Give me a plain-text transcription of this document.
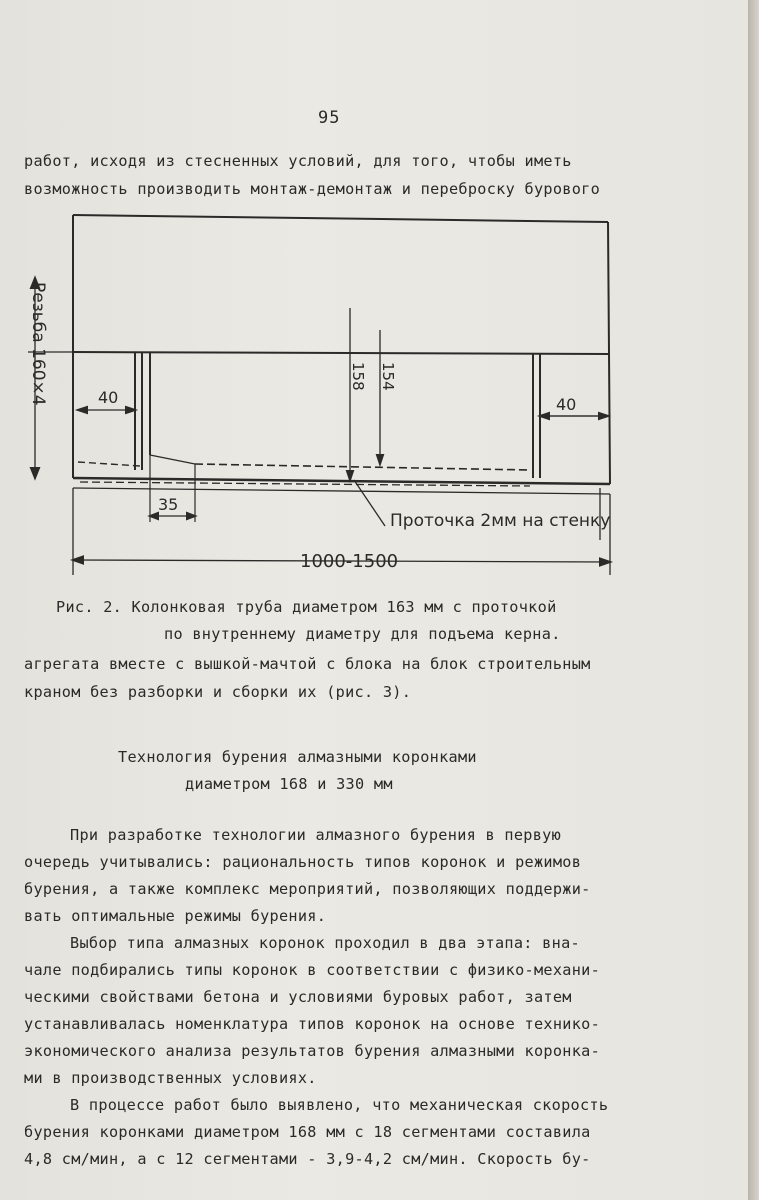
95
работ, исходя из стесненных условий, для того, чтобы иметь
возможность производить монтаж-демонтаж и переброску бурового
Резьба 160×4	40	40
158 154
35
Проточка 2мм на стенку
1000-1500
Рис. 2. Колонковая труба диаметром 163 мм с проточкой
по внутреннему диаметру для подъема керна.
агрегата вместе с вышкой-мачтой с блока на блок строительным
краном без разборки и сборки их (рис. 3).
Технология бурения алмазными коронками
диаметром 168 и 330 мм
При разработке технологии алмазного бурения в первую
очередь учитывались: рациональность типов коронок и режимов
бурения, а также комплекс мероприятий, позволяющих поддержи-
вать оптимальные режимы бурения.
Выбор типа алмазных коронок проходил в два этапа: вна-
чале подбирались типы коронок в соответствии с физико-механи-
ческими свойствами бетона и условиями буровых работ, затем
устанавливалась номенклатура типов коронок на основе технико-
экономического анализа результатов бурения алмазными коронка-
ми в производственных условиях.
В процессе работ было выявлено, что механическая скорость
бурения коронками диаметром 168 мм с 18 сегментами составила
4,8 см/мин, а с 12 сегментами - 3,9-4,2 см/мин. Скорость бу-
